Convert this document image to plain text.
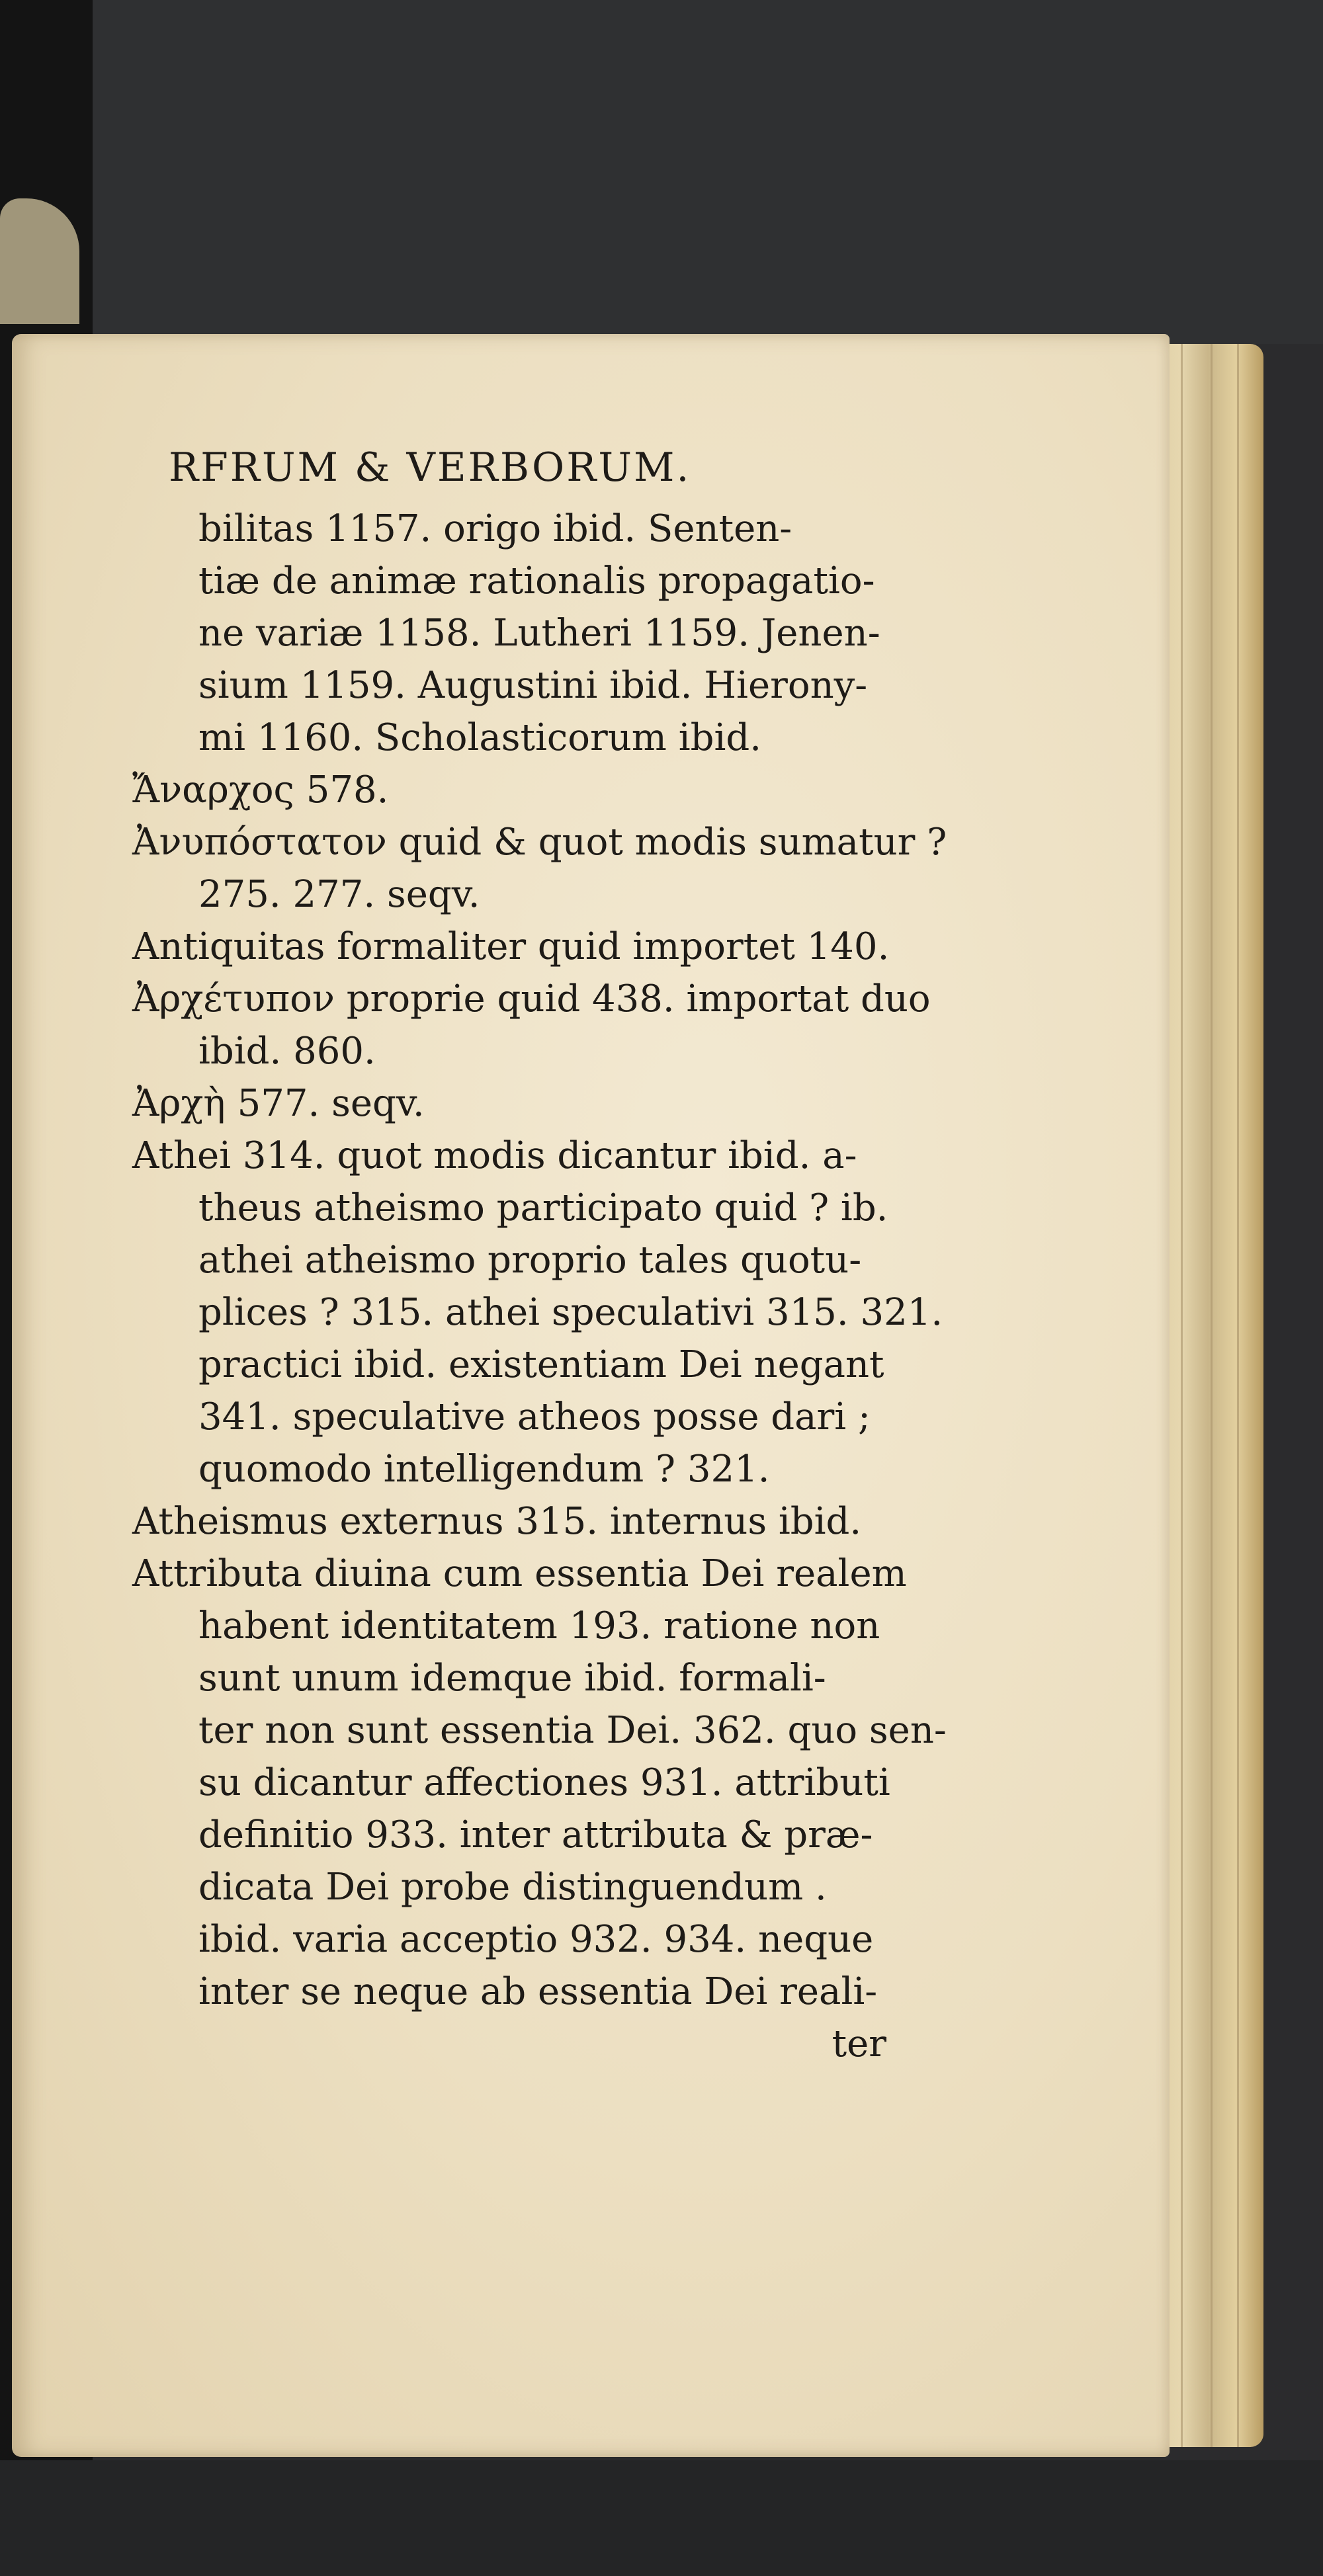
RFRUM & VERBORUM.
bilitas 1157. origo ibid. Senten-
tiæ de animæ rationalis propagatio-
ne variæ 1158. Lutheri 1159. Jenen-
sium 1159. Augustini ibid. Hierony-
mi 1160. Scholasticorum ibid.
Ἄναρχος 578.
Ἀνυπόστατον quid & quot modis sumatur ?
275. 277. seqv.
Antiquitas formaliter quid importet 140.
Ἀρχέτυπον proprie quid 438. importat duo
ibid. 860.
Ἀρχὴ 577. seqv.
Athei 314. quot modis dicantur ibid. a-
theus atheismo participato quid ? ib.
athei atheismo proprio tales quotu-
plices ? 315. athei speculativi 315. 321.
practici ibid. existentiam Dei negant
341. speculative atheos posse dari ;
quomodo intelligendum ? 321.
Atheismus externus 315. internus ibid.
Attributa diuina cum essentia Dei realem
habent identitatem 193. ratione non
sunt unum idemque ibid. formali-
ter non sunt essentia Dei. 362. quo sen-
su dicantur affectiones 931. attributi
definitio 933. inter attributa & præ-
dicata Dei probe distinguendum .
ibid. varia acceptio 932. 934. neque
inter se neque ab essentia Dei reali-
ter
